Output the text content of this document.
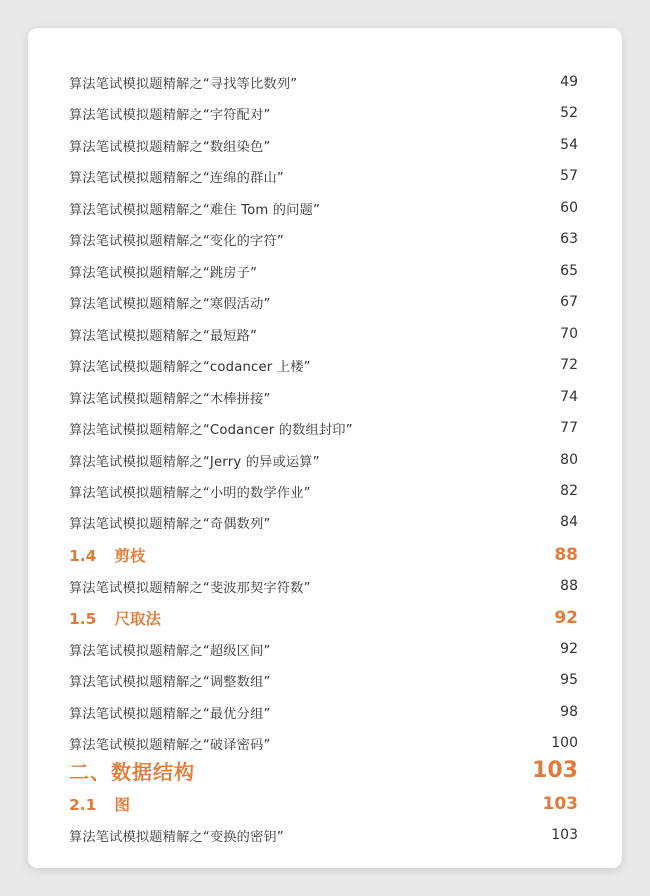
算法笔试模拟题精解之“寻找等比数列”	49
算法笔试模拟题精解之“字符配对”	52
算法笔试模拟题精解之“数组染色”	54
算法笔试模拟题精解之“连绵的群山”	57
算法笔试模拟题精解之“难住 Tom 的问题”	60
算法笔试模拟题精解之“变化的字符”	63
算法笔试模拟题精解之“跳房子”	65
算法笔试模拟题精解之“寒假活动”	67
算法笔试模拟题精解之“最短路”	70
算法笔试模拟题精解之“codancer 上楼”	72
算法笔试模拟题精解之“木棒拼接”	74
算法笔试模拟题精解之“Codancer 的数组封印”	77
算法笔试模拟题精解之“Jerry 的异或运算”	80
算法笔试模拟题精解之“小明的数学作业”	82
算法笔试模拟题精解之“奇偶数列”	84
1.4 剪枝	88
算法笔试模拟题精解之“斐波那契字符数”	88
1.5 尺取法	92
算法笔试模拟题精解之“超级区间”	92
算法笔试模拟题精解之“调整数组”	95
算法笔试模拟题精解之“最优分组”	98
算法笔试模拟题精解之“破译密码”	100
二、数据结构	103
2.1 图	103
算法笔试模拟题精解之“变换的密钥”	103
